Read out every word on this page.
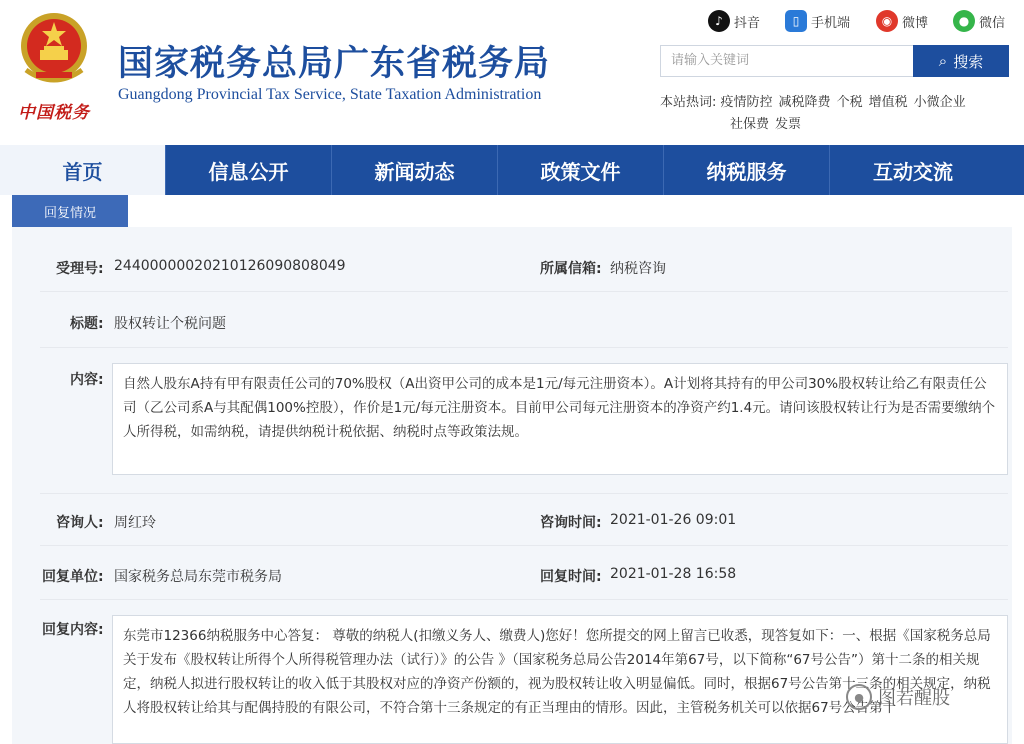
中国税务
国家税务总局广东省税务局
Guangdong Provincial Tax Service, State Taxation Administration
♪ 抖音	▯ 手机端	◉ 微博	● 微信
请输入关键词	⌕ 搜索
本站热词: 疫情防控 减税降费 个税 增值税 小微企业
社保费 发票
首页	信息公开	新闻动态	政策文件	纳税服务	互动交流
回复情况
受理号: 244000000202101260908080​49	所属信箱: 纳税咨询
标题: 股权转让个税问题
内容:	自然人股东A持有甲有限责任公司的70%股权（A出资甲公司的成本是1元/每元注册资本）。A计划将其持有的甲公司30%股权转让给乙有限责任公司（乙公司系A与其配偶100%控股），作价是1元/每元注册资本。目前甲公司每元注册资本的净资产约1.4元。请问该股权转让行为是否需要缴纳个人所得税，如需纳税，请提供纳税计税依据、纳税时点等政策法规。
咨询人: 周红玲	咨询时间: 2021-01-26 09:01
回复单位: 国家税务总局东莞市税务局	回复时间: 2021-01-28 16:58
回复内容:	东莞市12366纳税服务中心答复： 尊敬的纳税人(扣缴义务人、缴费人)您好！您所提交的网上留言已收悉，现答复如下：一、根据《国家税务总局 关于发布《股权转让所得个人所得税管理办法（试行）》的公告 》（国家税务总局公告2014年第67号，以下简称“67号公告”）第十二条的相关规定，纳税人拟进行股权转让的收入低于其股权对应的净资产份额的，视为股权转让收入明显偏低。同时，根据67号公告第十三条的相关规定，纳税人将股权转让给其与配偶持股的有限公司，不符合第十三条规定的有正当理由的情形。因此，主管税务机关可以依据67号公告第十
● 图若醒股
